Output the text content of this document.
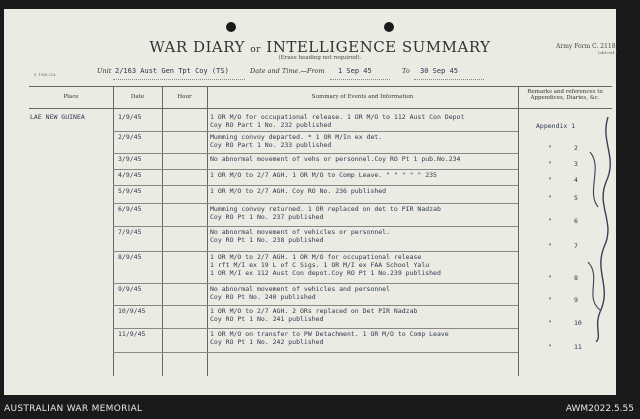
WAR DIARY or INTELLIGENCE SUMMARY
(Erase heading not required).
Army Form C. 2118
(old-ctrl.)
S. 1938.21A	Unit 2/163 Aust Gen Tpt Coy (TS)	Date and Time.—From 1 Sep 45	To 30 Sep 45
Place	Date	Hour	Summary of Events and Information
Remarks and references to Appendices, Diaries, &c.
LAE NEW GUINEA	1/9/45	1 OR M/O for occupational release. 1 OR M/O to 112 Aust Con Depot
Coy RO Part 1 No. 232 published	Appendix 1
2/9/45	Mumming convoy departed. * 1 OR M/In ex det.
Coy RO Part 1 No. 233 published	"	2
3/9/45	No abnormal movement of vehs or personnel.Coy RO Pt 1 pub.No.234
"	3
4/9/45	1 OR M/O to 2/7 AGH. 1 OR M/O to Comp Leave. " " " " " 235
"	4
5/9/45	1 OR M/O to 2/7 AGH. Coy RO No. 236 published
"	5
6/9/45	Mumming convoy returned. 1 OR replaced on det to PIR Nadzab
Coy RO Pt 1 No. 237 published	"	6
7/9/45	No abnormal movement of vehicles or personnel.
Coy RO Pt 1 No. 238 published
"	7
8/9/45	1 OR M/O to 2/7 AGH. 1 OR M/O for occupational release
1 rft M/I ex 19 L of C Sigs. 1 OR M/I ex FAA School Yalu
1 OR M/I ex 112 Aust Con depot.Coy RO Pt 1 No.239 published
"	8
9/9/45	No abnormal movement of vehicles and personnel
Coy RO Pt No. 240 published	"	9
10/9/45	1 OR M/O to 2/7 AGH. 2 ORs replaced on Det PIR Nadzab
Coy RO Pt 1 No. 241 published	"	10
11/9/45	1 OR M/O on transfer to PW Detachment. 1 OR M/O to Comp Leave
Coy RO Pt 1 No. 242 published
"	11
AUSTRALIAN WAR MEMORIAL	AWM2022.5.55
